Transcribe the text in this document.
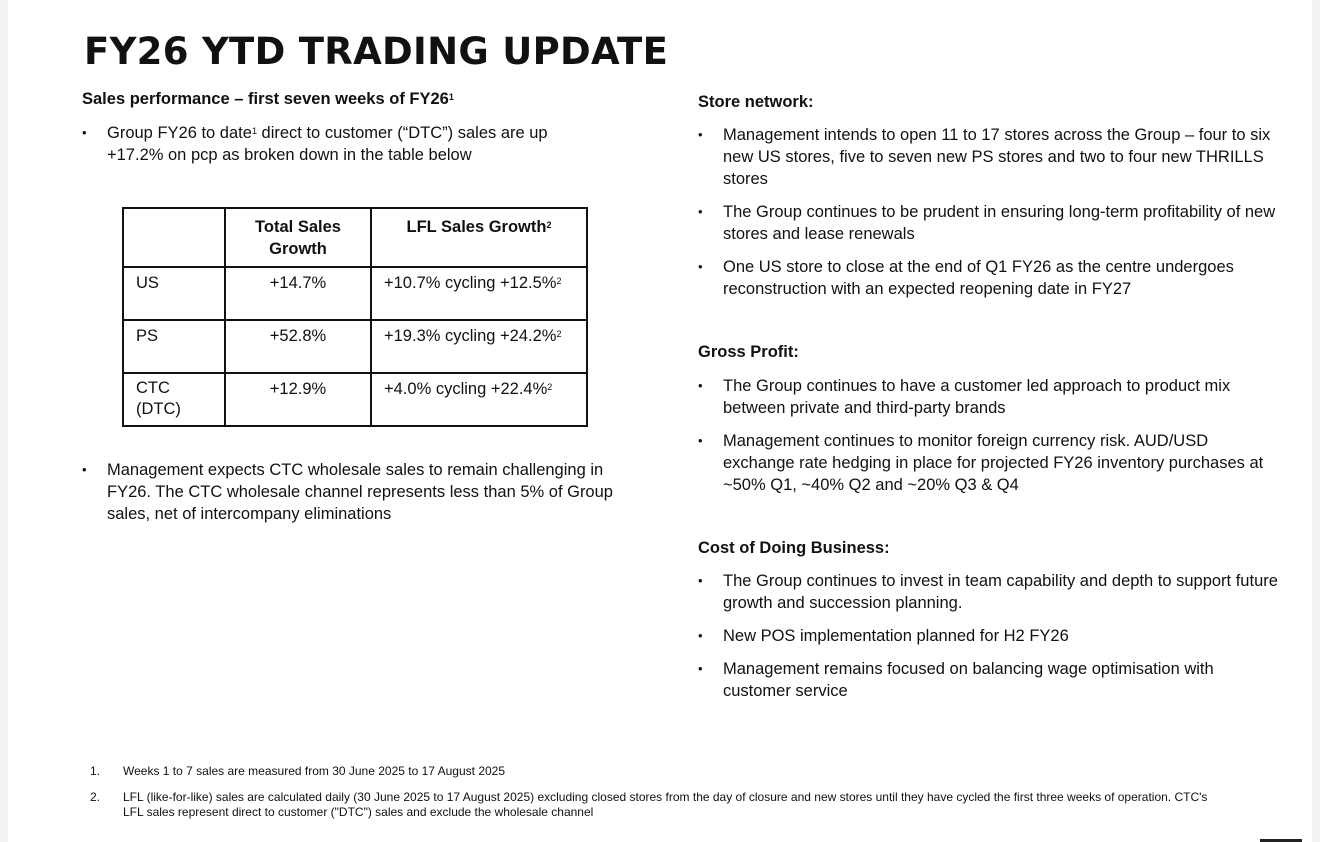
FY26 YTD TRADING UPDATE

Sales performance – first seven weeks of $FY26^1$

• Group FY26 to date$^1$ direct to customer (“DTC”) sales are up +17.2% on pcp as broken down in the table below
	Total Sales Growth	LFL Sales Growth$^2$
US	+14.7%	+10.7% cycling +12.5%$^2$
PS	+52.8%	+19.3% cycling +24.2%$^2$
CTC (DTC)	+12.9%	+4.0% cycling +22.4%$^2$
• Management expects CTC wholesale sales to remain challenging in FY26. The CTC wholesale channel represents less than 5% of Group sales, net of intercompany eliminations

Store network:

• Management intends to open 11 to 17 stores across the Group – four to six new US stores, five to seven new PS stores and two to four new THRILLS stores
• The Group continues to be prudent in ensuring long-term profitability of new stores and lease renewals
• One US store to close at the end of Q1 FY26 as the centre undergoes reconstruction with an expected reopening date in FY27

Gross Profit:

• The Group continues to have a customer led approach to product mix between private and third-party brands
• Management continues to monitor foreign currency risk. AUD/USD exchange rate hedging in place for projected FY26 inventory purchases at ~50% Q1, ~40% Q2 and ~20% Q3 & Q4

Cost of Doing Business:

• The Group continues to invest in team capability and depth to support future growth and succession planning.
• New POS implementation planned for H2 FY26
• Management remains focused on balancing wage optimisation with customer service
1.	Weeks 1 to 7 sales are measured from 30 June 2025 to 17 August 2025
2.	LFL (like-for-like) sales are calculated daily (30 June 2025 to 17 August 2025) excluding closed stores from the day of closure and new stores until they have cycled the first three weeks of operation. CTC's LFL sales represent direct to customer ("DTC") sales and exclude the wholesale channel
